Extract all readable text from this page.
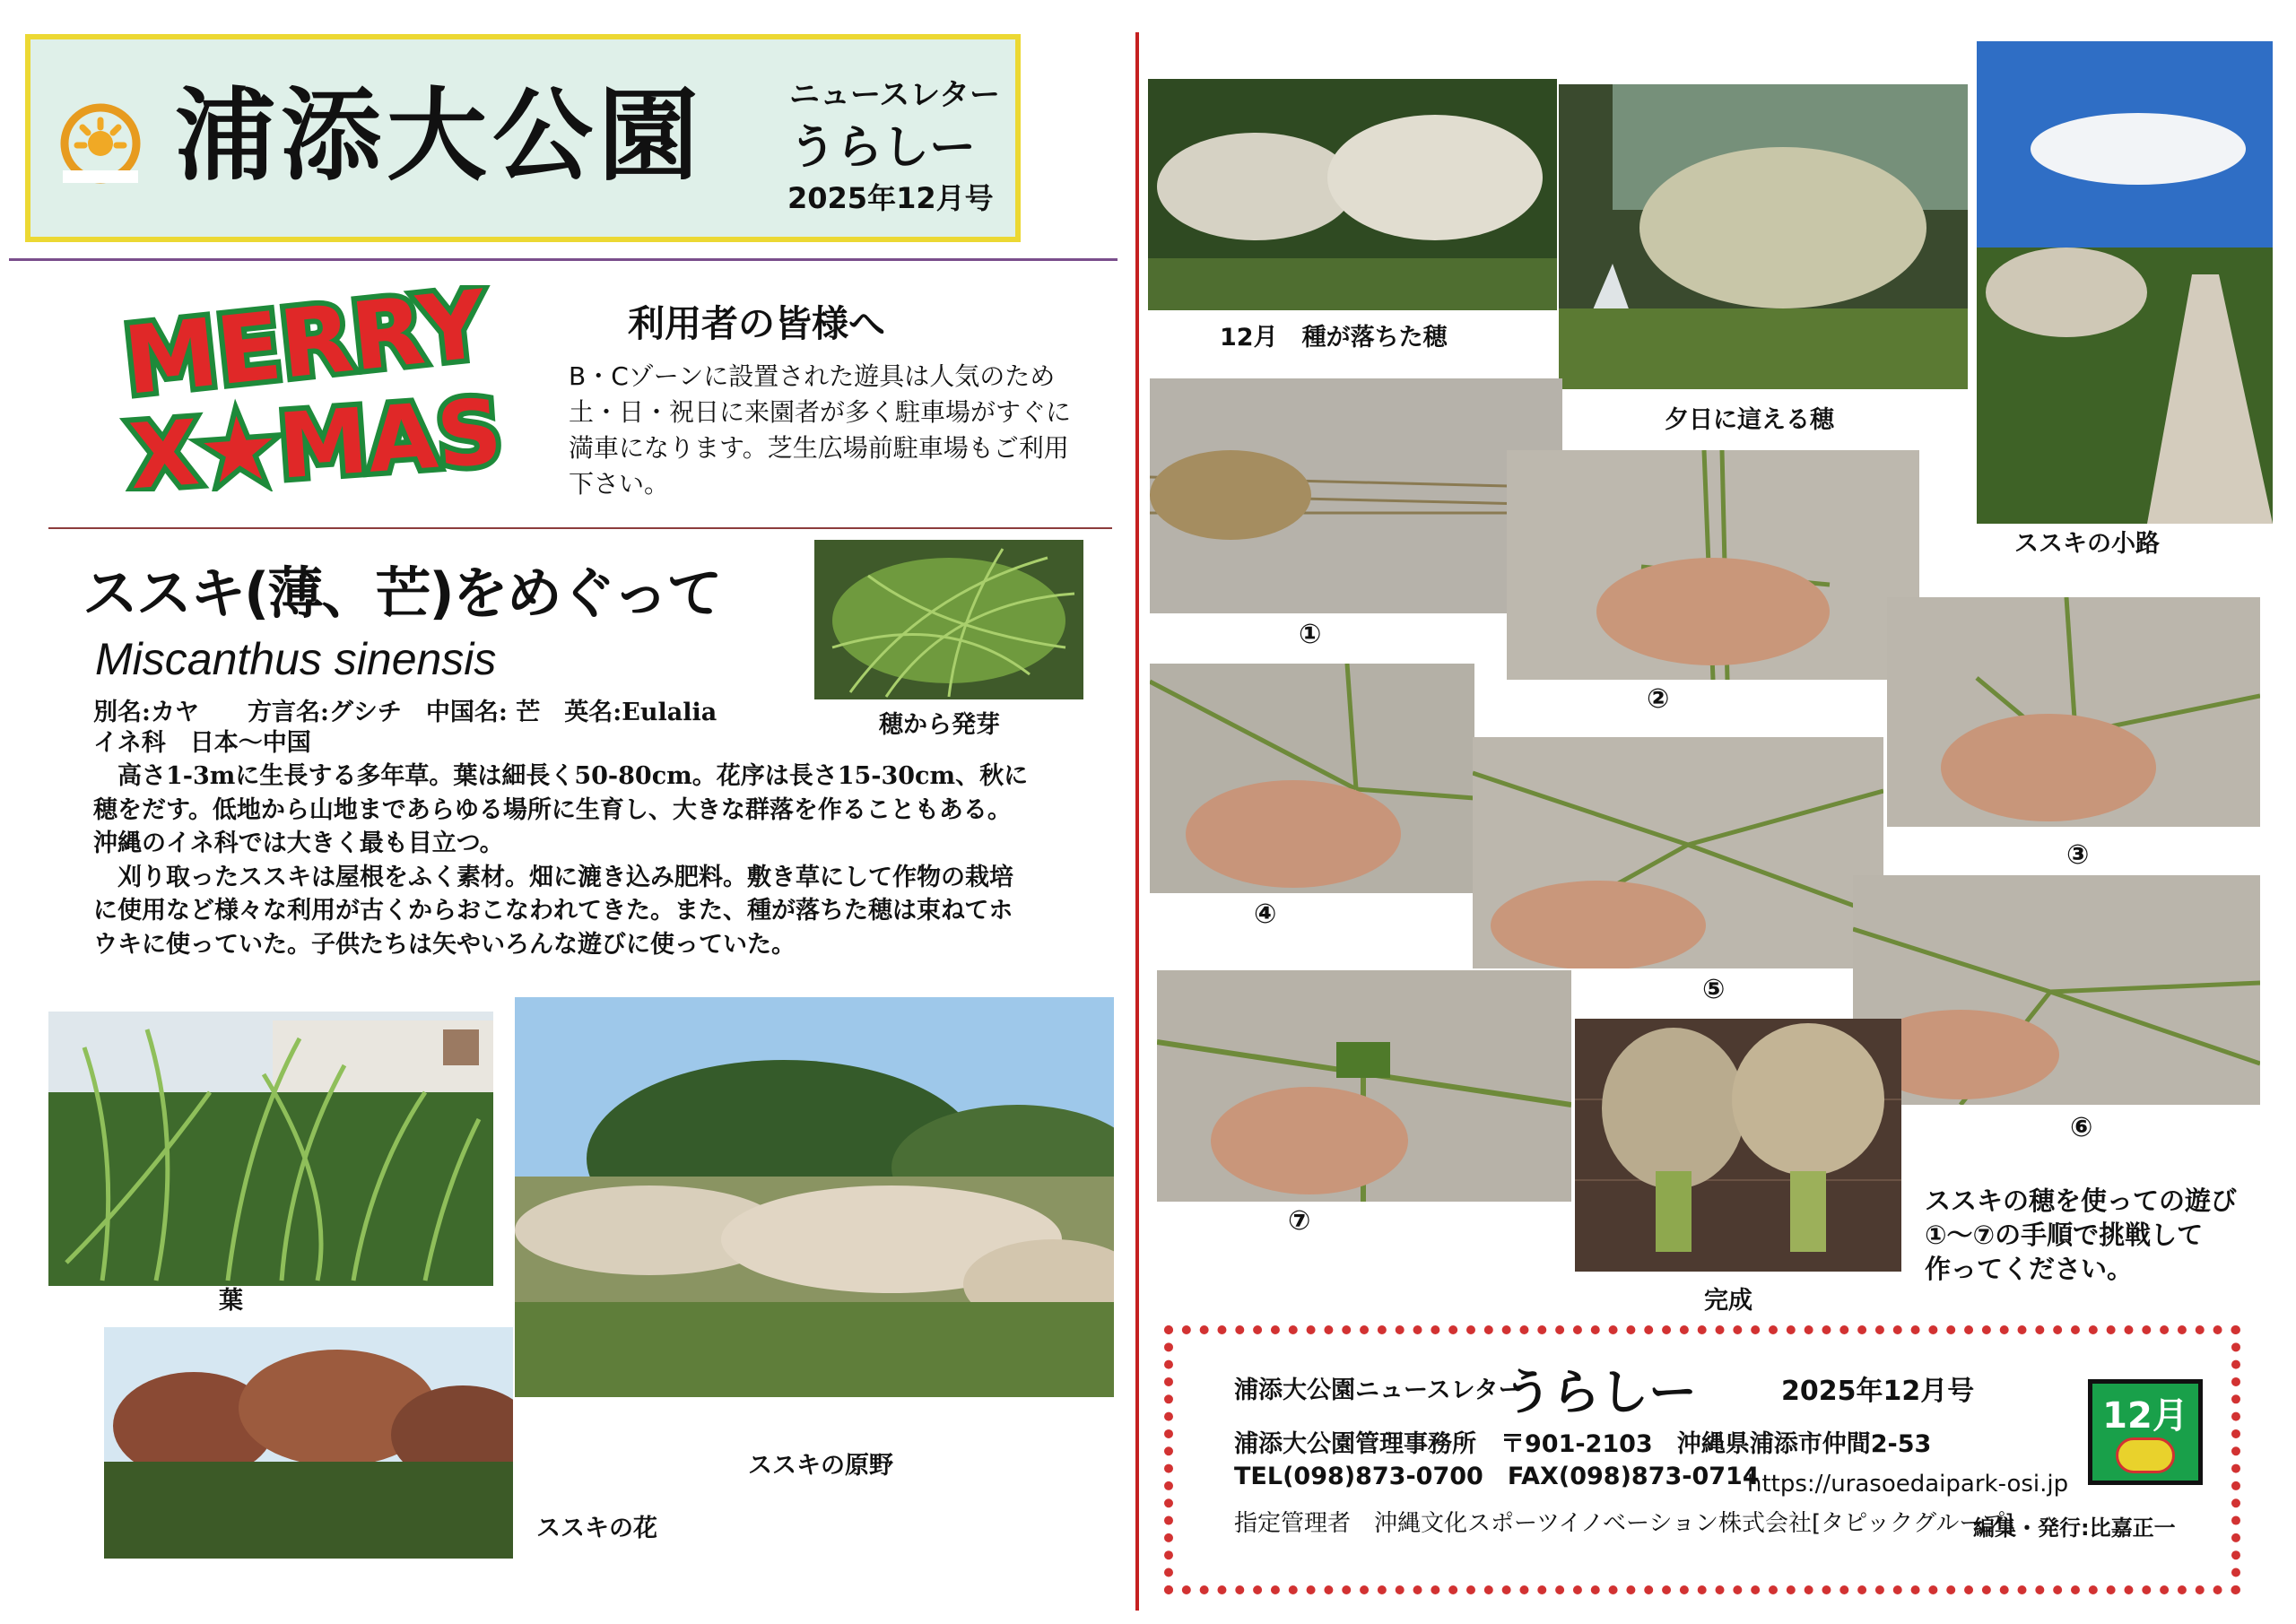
浦添大公園	ニュースレター
うらしー
2025年12月号
MERRY
X★MAS
利用者の皆様へ
B・Cゾーンに設置された遊具は人気のため土・日・祝日に来園者が多く駐車場がすぐに満車になります。芝生広場前駐車場もご利用下さい。
ススキ(薄、芒)をめぐって
Miscanthus sinensis
穂から発芽
別名:カヤ　　方言名:グシチ　中国名: 芒　英名:Eulalia
イネ科　日本～中国

高さ1-3mに生長する多年草。葉は細長く50-80cm。花序は長さ15-30cm、秋に穂をだす。低地から山地まであらゆる場所に生育し、大きな群落を作ることもある。沖縄のイネ科では大きく最も目立つ。

刈り取ったススキは屋根をふく素材。畑に漉き込み肥料。敷き草にして作物の栽培に使用など様々な利用が古くからおこなわれてきた。また、種が落ちた穂は束ねてホウキに使っていた。子供たちは矢やいろんな遊びに使っていた。

葉
ススキの原野
ススキの花
12月　種が落ちた穂
夕日に這える穂
ススキの小路
①
②
③
④
⑤
⑥
⑦
完成
ススキの穂を使っての遊び
①～⑦の手順で挑戦して
作ってください。
浦添大公園ニュースレター
うらしー	2025年12月号
浦添大公園管理事務所　〒901-2103　沖縄県浦添市仲間2-53
TEL(098)873-0700　FAX(098)873-0714
https://urasoedaipark-osi.jp
指定管理者　沖縄文化スポーツイノベーション株式会社[タピックグループ]
編集・発行:比嘉正一
12月
